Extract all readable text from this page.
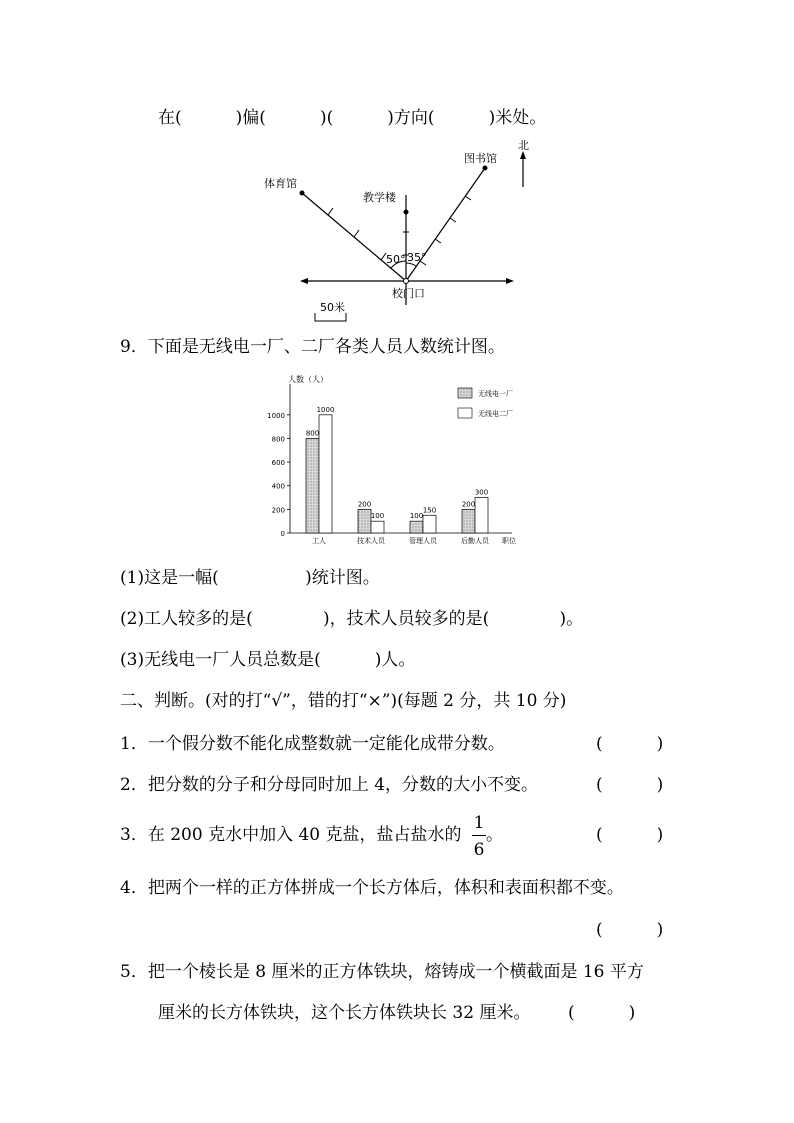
在(          )偏(          )(          )方向(          )米处。
北
体育馆
图书馆
教学楼
校门口
50° 35°
50米
9．下面是无线电一厂、二厂各类人员人数统计图。
人数（人）
职位
0
200
400
600
800
1000
800
1000
工人
200
100
技术人员
100
150
管理人员
200
300
后勤人员
无线电一厂
无线电二厂
(1)这是一幅(                )统计图。
(2)工人较多的是(             )，技术人员较多的是(             )。
(3)无线电一厂人员总数是(          )人。
二、判断。(对的打“√”，错的打“×”)(每题 2 分，共 10 分)
1．一个假分数不能化成整数就一定能化成带分数。	(          )
2．把分数的分子和分母同时加上 4，分数的大小不变。	(          )
3．在 200 克水中加入 40 克盐，盐占盐水的
1
6
。	(          )
4．把两个一样的正方体拼成一个长方体后，体积和表面积都不变。
(          )
5．把一个棱长是 8 厘米的正方体铁块，熔铸成一个横截面是 16 平方
厘米的长方体铁块，这个长方体铁块长 32 厘米。 (          )
